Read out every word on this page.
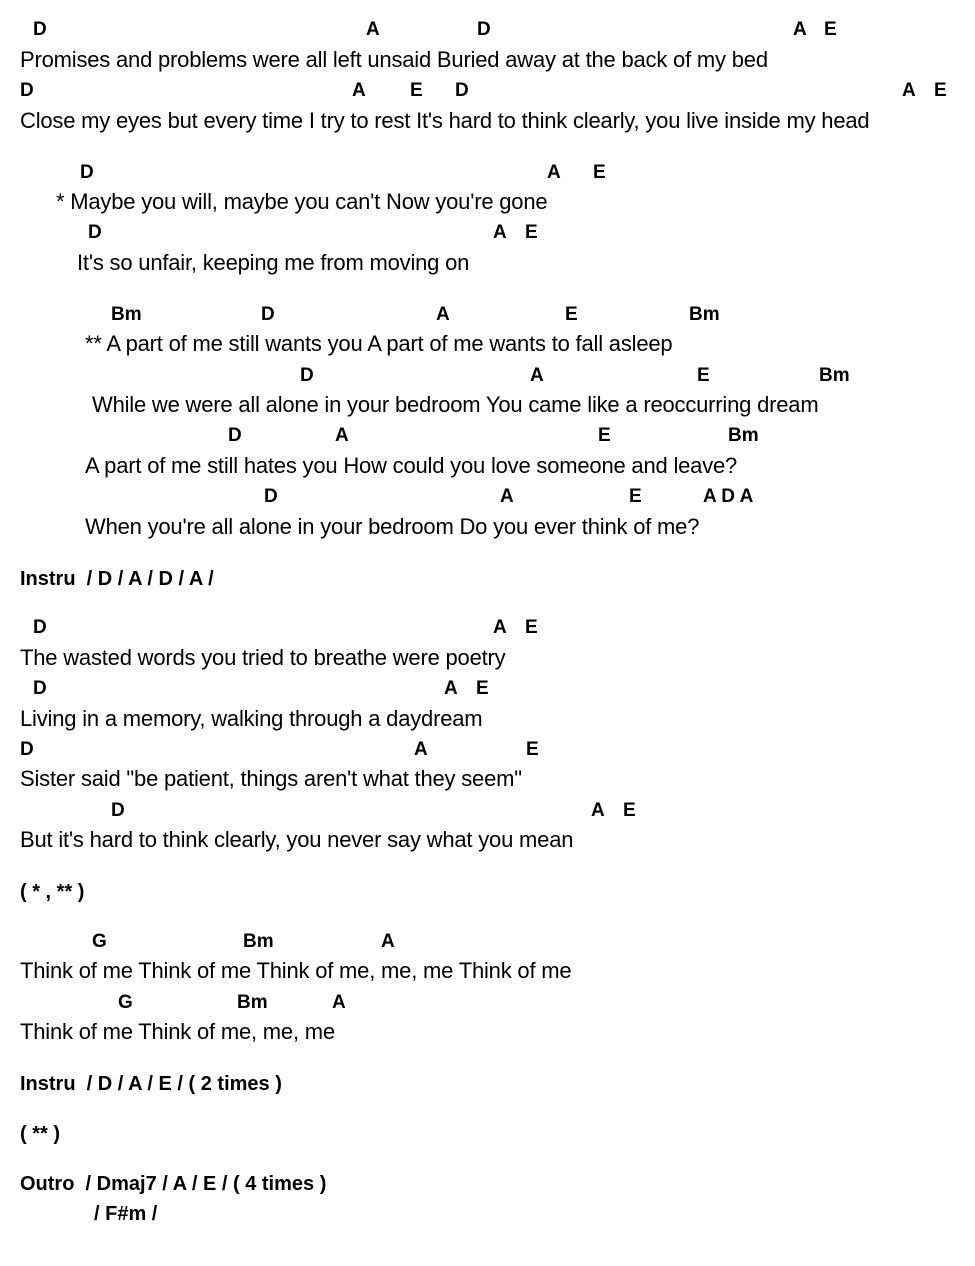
D	A	D	A E
Promises and problems were all left unsaid Buried away at the back of my bed
D	A E D	A E
Close my eyes but every time I try to rest It's hard to think clearly, you live inside my head
D	A E
* Maybe you will, maybe you can't Now you're gone
D	A E
It's so unfair, keeping me from moving on
Bm	D	A	E	Bm
** A part of me still wants you A part of me wants to fall asleep
D	A	E	Bm
While we were all alone in your bedroom You came like a reoccurring dream
D	A	E	Bm
A part of me still hates you How could you love someone and leave?
D	A	E	A D A
When you're all alone in your bedroom Do you ever think of me?
Instru  / D / A / D / A /
D	A E
The wasted words you tried to breathe were poetry
D	A E
Living in a memory, walking through a daydream
D	A	E
Sister said "be patient, things aren't what they seem"
D	A E
But it's hard to think clearly, you never say what you mean
( * , ** )
G	Bm	A
Think of me Think of me Think of me, me, me Think of me
G	Bm	A
Think of me Think of me, me, me
Instru  / D / A / E / ( 2 times )
( ** )
Outro  / Dmaj7 / A / E / ( 4 times )
/ F#m /
